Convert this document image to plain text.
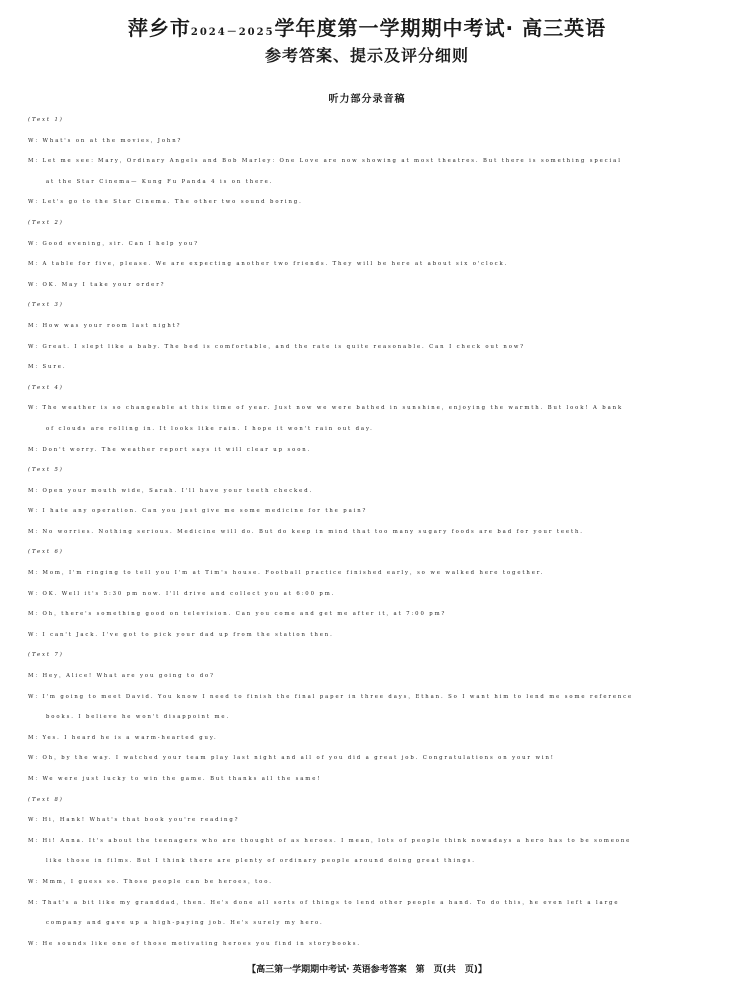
萍乡市2024－2025学年度第一学期期中考试· 高三英语
参考答案、提示及评分细则
听力部分录音稿
(Text 1)
W：What's on at the movies，John?
M：Let me see：Mary，Ordinary Angels and Bob Marley：One Love are now showing at most theatres. But there is something special
at the Star Cinema— Kung Fu Panda 4 is on there.
W：Let's go to the Star Cinema. The other two sound boring.
(Text 2)
W：Good evening，sir. Can I help you?
M：A table for five，please. We are expecting another two friends. They will be here at about six o'clock.
W：OK. May I take your order?
(Text 3)
M：How was your room last night?
W：Great. I slept like a baby. The bed is comfortable，and the rate is quite reasonable. Can I check out now?
M：Sure.
(Text 4)
W：The weather is so changeable at this time of year. Just now we were bathed in sunshine，enjoying the warmth. But look! A bank
of clouds are rolling in. It looks like rain. I hope it won't rain out day.
M：Don't worry. The weather report says it will clear up soon.
(Text 5)
M：Open your mouth wide，Sarah. I'll have your teeth checked.
W：I hate any operation. Can you just give me some medicine for the pain?
M：No worries. Nothing serious. Medicine will do. But do keep in mind that too many sugary foods are bad for your teeth.
(Text 6)
M：Mom，I'm ringing to tell you I'm at Tim's house. Football practice finished early，so we walked here together.
W：OK. Well it's 5:30 pm now. I'll drive and collect you at 6:00 pm.
M：Oh，there's something good on television. Can you come and get me after it，at 7:00 pm?
W：I can't Jack. I've got to pick your dad up from the station then.
(Text 7)
M：Hey，Alice! What are you going to do?
W：I'm going to meet David. You know I need to finish the final paper in three days，Ethan. So I want him to lend me some reference
books. I believe he won't disappoint me.
M：Yes. I heard he is a warm-hearted guy.
W：Oh，by the way. I watched your team play last night and all of you did a great job. Congratulations on your win!
M：We were just lucky to win the game. But thanks all the same!
(Text 8)
W：Hi，Hank! What's that book you're reading?
M：Hi! Anna. It's about the teenagers who are thought of as heroes. I mean，lots of people think nowadays a hero has to be someone
like those in films. But I think there are plenty of ordinary people around doing great things.
W：Mmm，I guess so. Those people can be heroes，too.
M：That's a bit like my granddad，then. He's done all sorts of things to lend other people a hand. To do this，he even left a large
company and gave up a high-paying job. He's surely my hero.
W：He sounds like one of those motivating heroes you find in storybooks.
【高三第一学期期中考试· 英语参考答案　第　页(共　页)】
